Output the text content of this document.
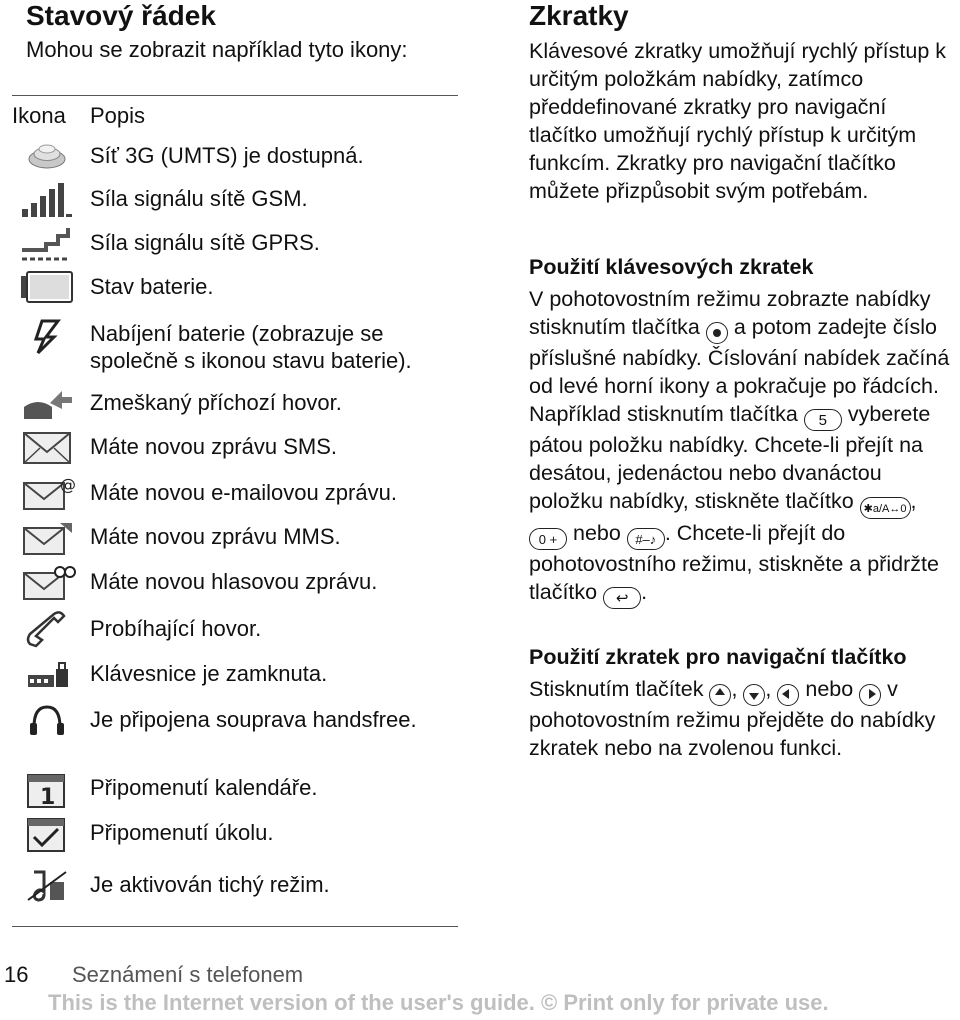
Stavový řádek
Mohou se zobrazit například tyto ikony:
Ikona Popis
Síť 3G (UMTS) je dostupná.
Síla signálu sítě GSM.
Síla signálu sítě GPRS.
Stav baterie.
Nabíjení baterie (zobrazuje se společně s ikonou stavu baterie).
Zmeškaný příchozí hovor.
Máte novou zprávu SMS.
@ Máte novou e-mailovou zprávu.
Máte novou zprávu MMS.
Máte novou hlasovou zprávu.
Probíhající hovor.
Klávesnice je zamknuta.
Je připojena souprava handsfree.
1 Připomenutí kalendáře.
Připomenutí úkolu.
Je aktivován tichý režim.
Zkratky
Klávesové zkratky umožňují rychlý přístup k určitým položkám nabídky, zatímco předdefinované zkratky pro navigační tlačítko umožňují rychlý přístup k určitým funkcím. Zkratky pro navigační tlačítko můžete přizpůsobit svým potřebám.
Použití klávesových zkratek
V pohotovostním režimu zobrazte nabídky stisknutím tlačítka a potom zadejte číslo příslušné nabídky. Číslování nabídek začíná od levé horní ikony a pokračuje po řádcích. Například stisknutím tlačítka 5 vyberete pátou položku nabídky. Chcete-li přejít na desátou, jedenáctou nebo dvanáctou položku nabídky, stiskněte tlačítko ✱a/A↔0 , 0 + nebo #–♪ . Chcete-li přejít do pohotovostního režimu, stiskněte a přidržte tlačítko ↩ .
Použití zkratek pro navigační tlačítko
Stisknutím tlačítek , , nebo v pohotovostním režimu přejděte do nabídky zkratek nebo na zvolenou funkci.
16 Seznámení s telefonem
This is the Internet version of the user's guide. © Print only for private use.
